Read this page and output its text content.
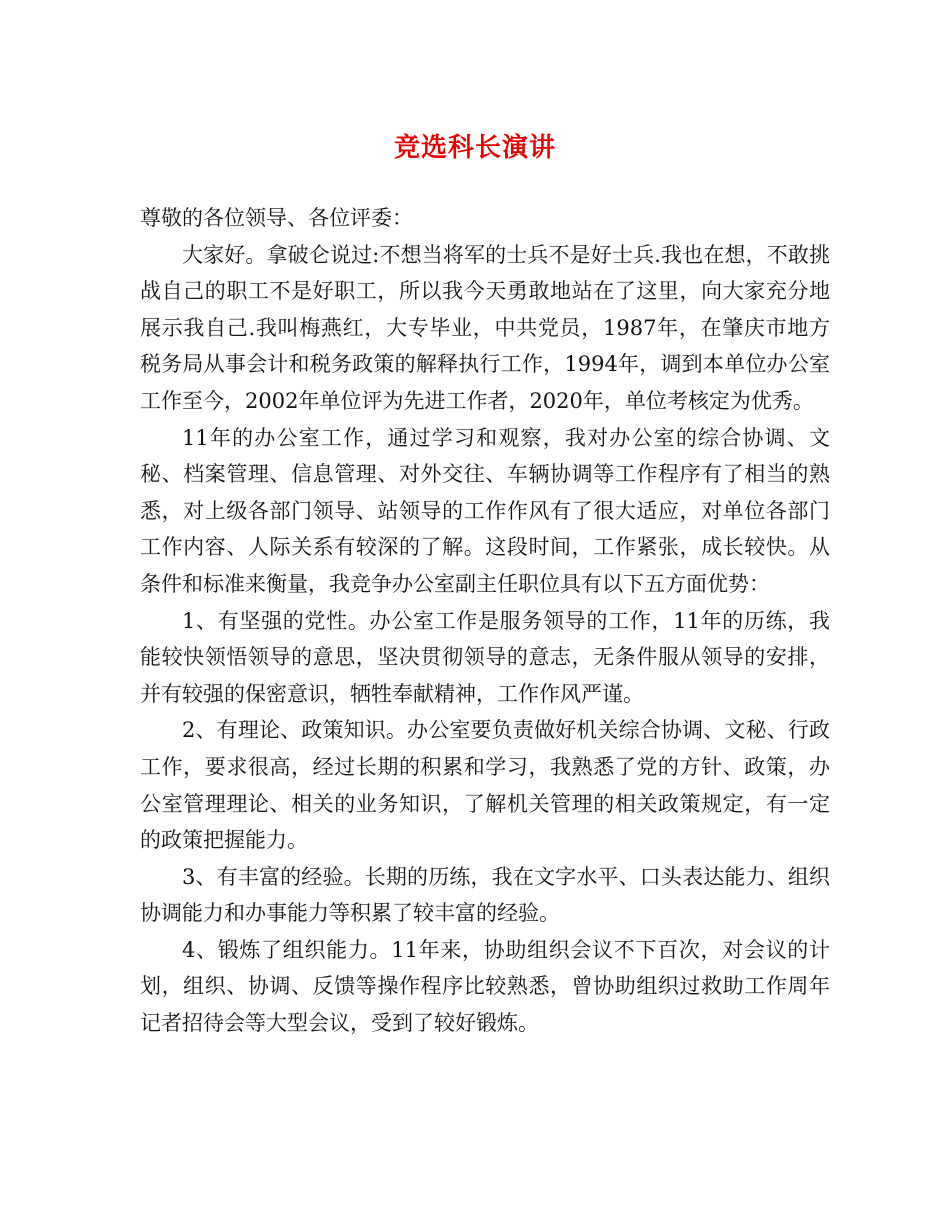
竞选科长演讲

尊敬的各位领导、各位评委：

大家好。拿破仑说过:不想当将军的士兵不是好士兵.我也在想，不敢挑战自己的职工不是好职工，所以我今天勇敢地站在了这里，向大家充分地展示我自己.我叫梅燕红，大专毕业，中共党员，1987年，在肇庆市地方税务局从事会计和税务政策的解释执行工作，1994年，调到本单位办公室工作至今，2002年单位评为先进工作者，2020年，单位考核定为优秀。

11年的办公室工作，通过学习和观察，我对办公室的综合协调、文秘、档案管理、信息管理、对外交往、车辆协调等工作程序有了相当的熟悉，对上级各部门领导、站领导的工作作风有了很大适应，对单位各部门工作内容、人际关系有较深的了解。这段时间，工作紧张，成长较快。从条件和标准来衡量，我竞争办公室副主任职位具有以下五方面优势：

1、有坚强的党性。办公室工作是服务领导的工作，11年的历练，我能较快领悟领导的意思，坚决贯彻领导的意志，无条件服从领导的安排，并有较强的保密意识，牺牲奉献精神，工作作风严谨。

2、有理论、政策知识。办公室要负责做好机关综合协调、文秘、行政工作，要求很高，经过长期的积累和学习，我熟悉了党的方针、政策，办公室管理理论、相关的业务知识，了解机关管理的相关政策规定，有一定的政策把握能力。

3、有丰富的经验。长期的历练，我在文字水平、口头表达能力、组织协调能力和办事能力等积累了较丰富的经验。

4、锻炼了组织能力。11年来，协助组织会议不下百次，对会议的计划，组织、协调、反馈等操作程序比较熟悉，曾协助组织过救助工作周年记者招待会等大型会议，受到了较好锻炼。
